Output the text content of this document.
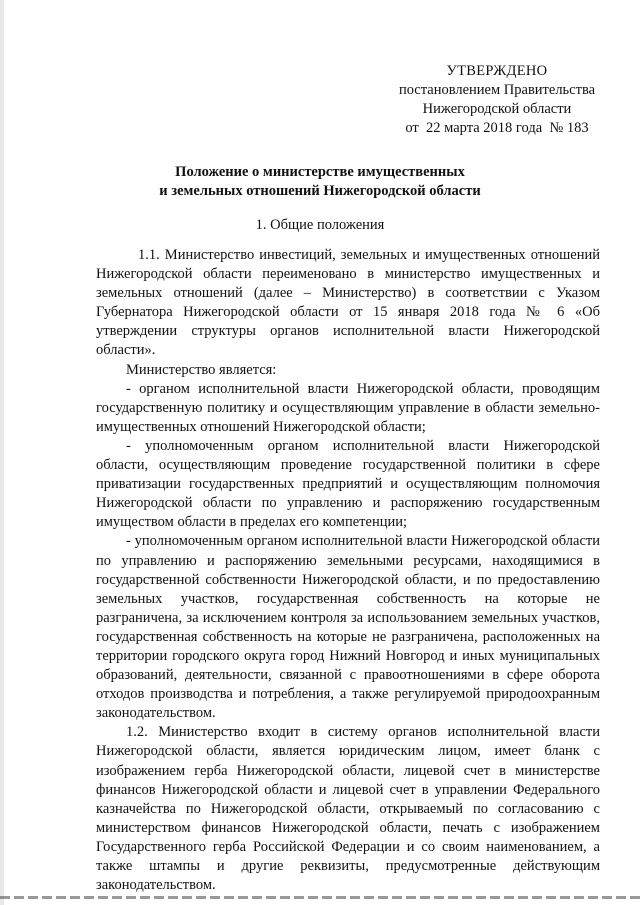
УТВЕРЖДЕНО
постановлением Правительства
Нижегородской области
от  22 марта 2018 года  № 183
Положение о министерстве имущественных
и земельных отношений Нижегородской области
1. Общие положения

1.1. Министерство инвестиций, земельных и имущественных отношений Нижегородской области переименовано в министерство имущественных и земельных отношений (далее – Министерство) в соответствии с Указом Губернатора Нижегородской области от 15 января 2018 года № 6 «Об утверждении структуры органов исполнительной власти Нижегородской области».

Министерство является:

- органом исполнительной власти Нижегородской области, проводящим государственную политику и осуществляющим управление в области земельно-имущественных отношений Нижегородской области;

- уполномоченным органом исполнительной власти Нижегородской области, осуществляющим проведение государственной политики в сфере приватизации государственных предприятий и осуществляющим полномочия Нижегородской области по управлению и распоряжению государственным имуществом области в пределах его компетенции;

- уполномоченным органом исполнительной власти Нижегородской области по управлению и распоряжению земельными ресурсами, находящимися в государственной собственности Нижегородской области, и по предоставлению земельных участков, государственная собственность на которые не разграничена, за исключением контроля за использованием земельных участков, государственная собственность на которые не разграничена, расположенных на территории городского округа город Нижний Новгород и иных муниципальных образований, деятельности, связанной с правоотношениями в сфере оборота отходов производства и потребления, а также регулируемой природоохранным законодательством.

1.2. Министерство входит в систему органов исполнительной власти Нижегородской области, является юридическим лицом, имеет бланк с изображением герба Нижегородской области, лицевой счет в министерстве финансов Нижегородской области и лицевой счет в управлении Федерального казначейства по Нижегородской области, открываемый по согласованию с министерством финансов Нижегородской области, печать с изображением Государственного герба Российской Федерации и со своим наименованием, а также штампы и другие реквизиты, предусмотренные действующим законодательством.
